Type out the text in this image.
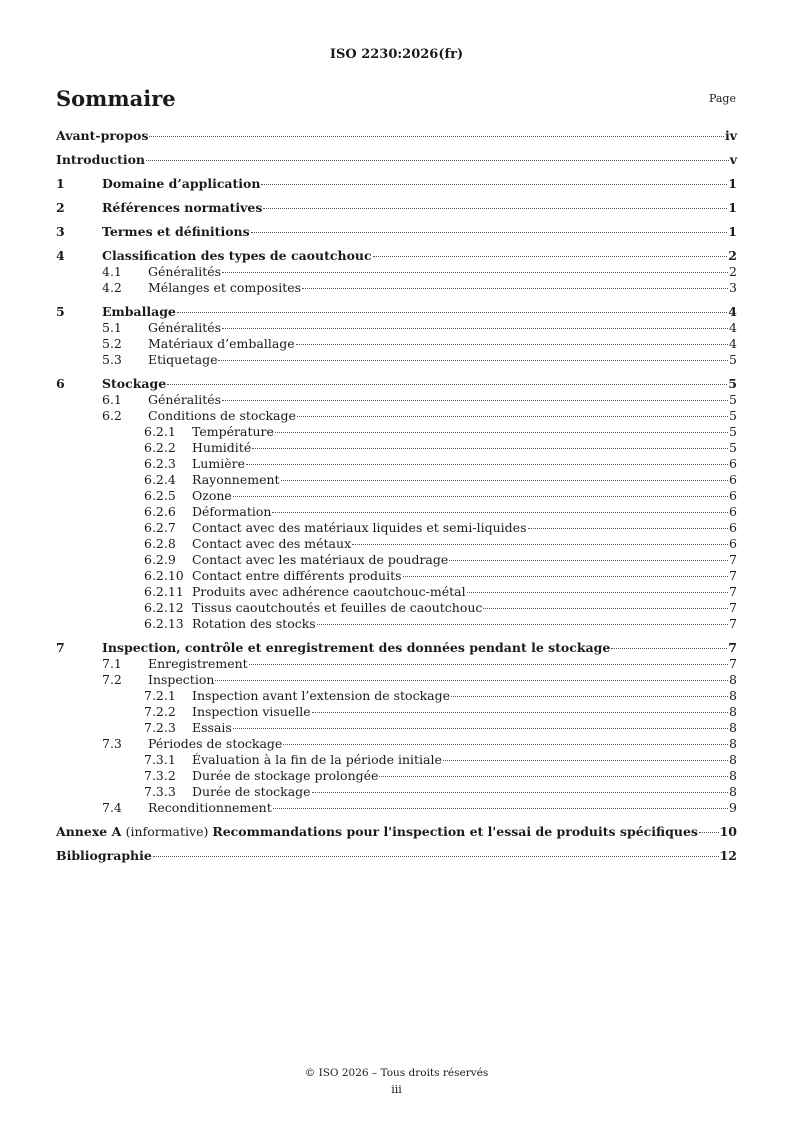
ISO 2230:2026(fr)
Sommaire	Page
Avant-propos	iv
Introduction	v
1	Domaine d’application	1
2	Références normatives	1
3	Termes et définitions	1
4	Classification des types de caoutchouc	2
4.1	Généralités	2
4.2	Mélanges et composites	3
5	Emballage	4
5.1	Généralités	4
5.2	Matériaux d’emballage	4
5.3	Etiquetage	5
6	Stockage	5
6.1	Généralités	5
6.2	Conditions de stockage	5
6.2.1	Température	5
6.2.2	Humidité	5
6.2.3	Lumière	6
6.2.4	Rayonnement	6
6.2.5	Ozone	6
6.2.6	Déformation	6
6.2.7	Contact avec des matériaux liquides et semi-liquides	6
6.2.8	Contact avec des métaux	6
6.2.9	Contact avec les matériaux de poudrage	7
6.2.10 Contact entre différents produits	7
6.2.11 Produits avec adhérence caoutchouc-métal	7
6.2.12 Tissus caoutchoutés et feuilles de caoutchouc	7
6.2.13 Rotation des stocks	7
7	Inspection, contrôle et enregistrement des données pendant le stockage	7
7.1	Enregistrement	7
7.2	Inspection	8
7.2.1	Inspection avant l’extension de stockage	8
7.2.2	Inspection visuelle	8
7.2.3	Essais	8
7.3	Périodes de stockage	8
7.3.1	Évaluation à la fin de la période initiale	8
7.3.2	Durée de stockage prolongée	8
7.3.3	Durée de stockage	8
7.4	Reconditionnement	9
Annexe A (informative) Recommandations pour l'inspection et l'essai de produits spécifiques 10
Bibliographie	12
© ISO 2026 – Tous droits réservés
iii
